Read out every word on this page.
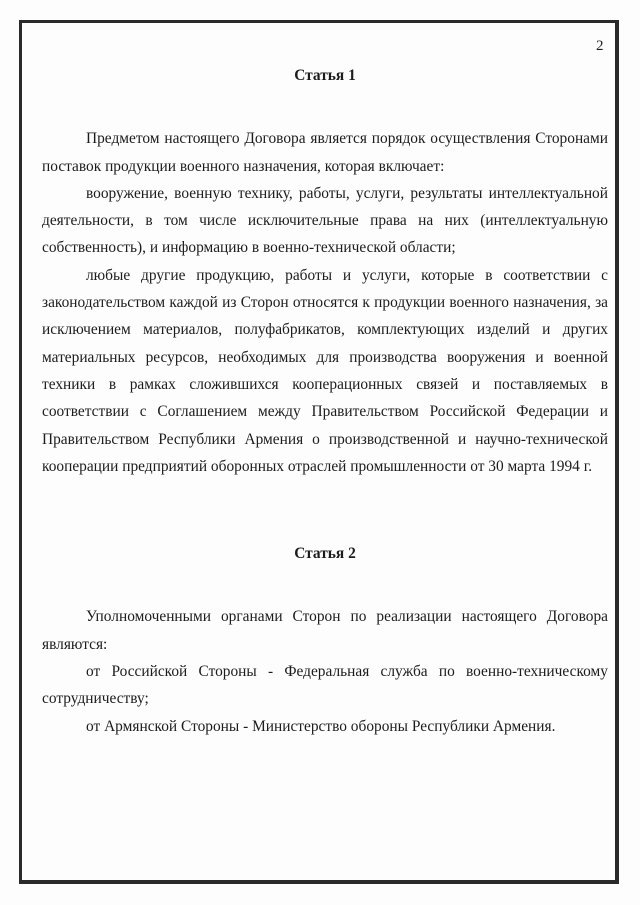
2
Статья 1

Предметом настоящего Договора является порядок осуществления Сторонами поставок продукции военного назначения, которая включает:

вооружение, военную технику, работы, услуги, результаты интеллектуальной деятельности, в том числе исключительные права на них (интеллектуальную собственность), и информацию в военно-технической области;

любые другие продукцию, работы и услуги, которые в соответствии с законодательством каждой из Сторон относятся к продукции военного назначения, за исключением материалов, полуфабрикатов, комплектующих изделий и других материальных ресурсов, необходимых для производства вооружения и военной техники в рамках сложившихся кооперационных связей и поставляемых в соответствии с Соглашением между Правительством Российской Федерации и Правительством Республики Армения о производственной и научно-технической кооперации предприятий оборонных отраслей промышленности от 30 марта 1994 г.

Статья 2

Уполномоченными органами Сторон по реализации настоящего Договора являются:

от Российской Стороны - Федеральная служба по военно-техническому сотрудничеству;

от Армянской Стороны - Министерство обороны Республики Армения.
